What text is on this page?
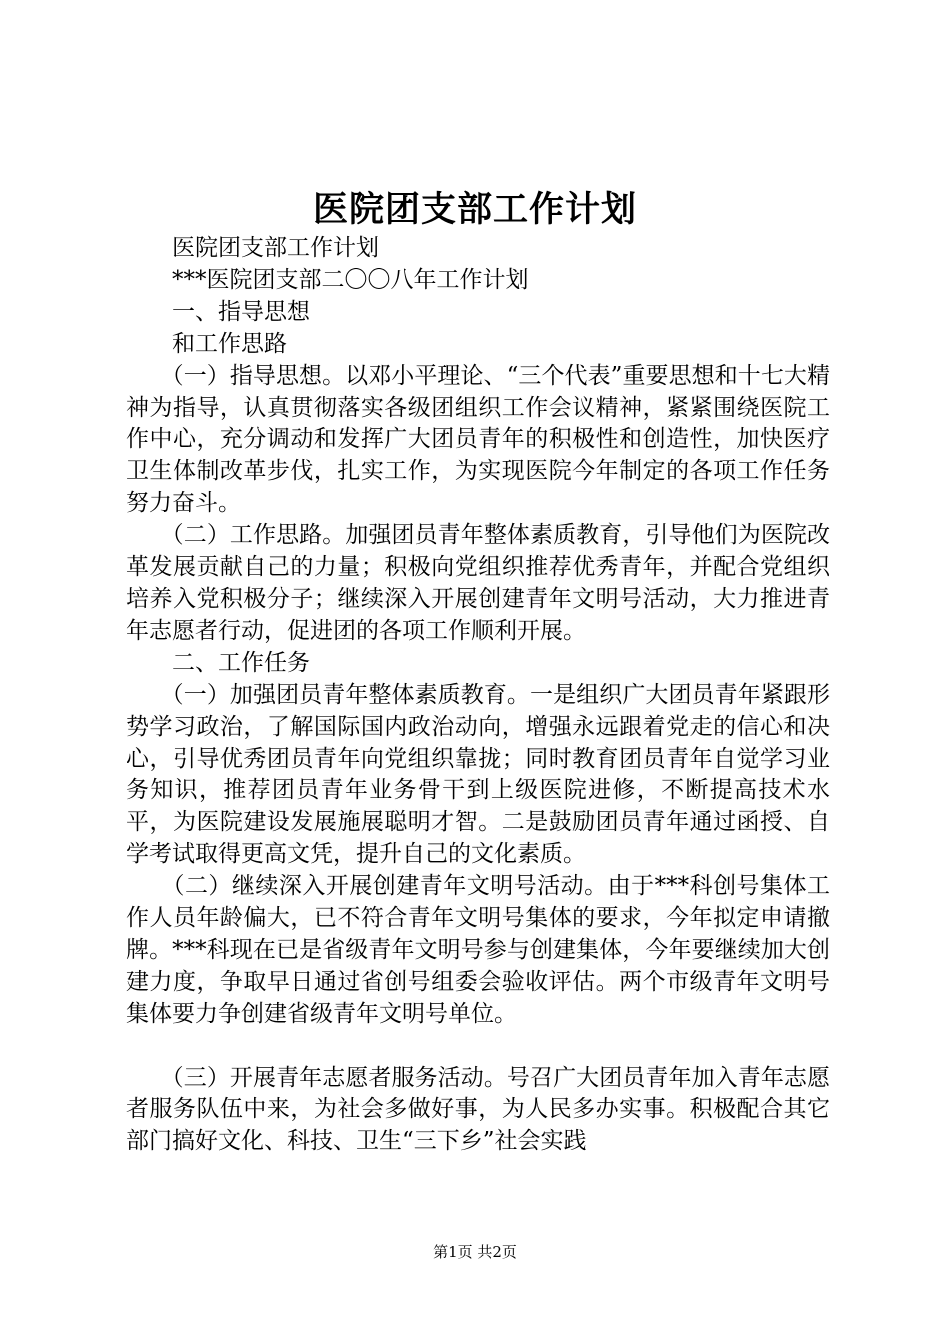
医院团支部工作计划

　　医院团支部工作计划

　　***医院团支部二〇〇八年工作计划

　　一、指导思想

　　和工作思路

　　（一）指导思想。以邓小平理论、“三个代表”重要思想和十七大精神为指导，认真贯彻落实各级团组织工作会议精神，紧紧围绕医院工作中心，充分调动和发挥广大团员青年的积极性和创造性，加快医疗卫生体制改革步伐，扎实工作，为实现医院今年制定的各项工作任务努力奋斗。

　　（二）工作思路。加强团员青年整体素质教育，引导他们为医院改革发展贡献自己的力量；积极向党组织推荐优秀青年，并配合党组织培养入党积极分子；继续深入开展创建青年文明号活动，大力推进青年志愿者行动，促进团的各项工作顺利开展。

　　二、工作任务

　　（一）加强团员青年整体素质教育。一是组织广大团员青年紧跟形势学习政治，了解国际国内政治动向，增强永远跟着党走的信心和决心，引导优秀团员青年向党组织靠拢；同时教育团员青年自觉学习业务知识，推荐团员青年业务骨干到上级医院进修，不断提高技术水平，为医院建设发展施展聪明才智。二是鼓励团员青年通过函授、自学考试取得更高文凭，提升自己的文化素质。

　　（二）继续深入开展创建青年文明号活动。由于***科创号集体工作人员年龄偏大，已不符合青年文明号集体的要求，今年拟定申请撤牌。***科现在已是省级青年文明号参与创建集体，今年要继续加大创建力度，争取早日通过省创号组委会验收评估。两个市级青年文明号集体要力争创建省级青年文明号单位。

　　（三）开展青年志愿者服务活动。号召广大团员青年加入青年志愿者服务队伍中来，为社会多做好事，为人民多办实事。积极配合其它部门搞好文化、科技、卫生“三下乡”社会实践

第1页 共2页
